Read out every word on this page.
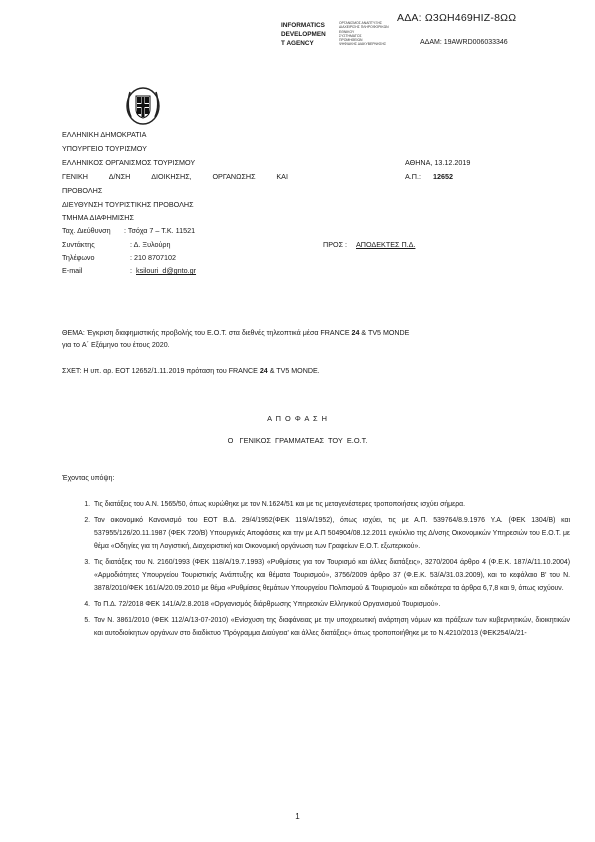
ΑΔΑ: Ω3ΩΗ469ΗΙΖ-8ΩΩ
INFORMATICS
DEVELOPMEN
T AGENCY
ΟΡΓΑΝΙΣΜΟΣ ΑΝΑΠΤΥΞΗΣ
ΔΙΑΧΕΙΡΙΣΗΣ ΠΛΗΡΟΦΟΡΙΚΩΝ
ΕΘΝΙΚΟΥ
ΣΥΣΤΗΜΑΤΟΣ
ΠΡΟΜΗΘΕΙΩΝ
ΨΗΦΙΑΚΗΣ ΔΙΑΚΥΒΕΡΝΗΣΗΣ	ΑΔΑΜ: 19AWRD006033346
ΕΛΛΗΝΙΚΗ ΔΗΜΟΚΡΑΤΙΑ
ΥΠΟΥΡΓΕΙΟ ΤΟΥΡΙΣΜΟΥ
ΕΛΛΗΝΙΚΟΣ ΟΡΓΑΝΙΣΜΟΣ ΤΟΥΡΙΣΜΟΥ
ΓΕΝΙΚΗ	Δ/ΝΣΗ	ΔΙΟΙΚΗΣΗΣ,	ΟΡΓΑΝΩΣΗΣ	ΚΑΙ
ΠΡΟΒΟΛΗΣ
ΔΙΕΥΘΥΝΣΗ ΤΟΥΡΙΣΤΙΚΗΣ ΠΡΟΒΟΛΗΣ
ΤΜΗΜΑ ΔΙΑΦΗΜΙΣΗΣ
Ταχ. Διεύθυνση : Τσόχα 7 – Τ.Κ. 11521
Συντάκτης	: Δ. Ξυλούρη
Τηλέφωνο	: 210 8707102
E-mail	: ksilouri_d@gnto.gr
ΑΘΗΝΑ, 13.12.2019
Α.Π.: 12652
ΠΡΟΣ : ΑΠΟΔΕΚΤΕΣ Π.Δ.
ΘΕΜΑ: Έγκριση διαφημιστικής προβολής του Ε.Ο.Τ. στα διεθνές τηλεοπτικά μέσα FRANCE 24 & TV5 MONDE
για τo Α΄ Εξάμηνο του έτους 2020.
ΣΧΕΤ: Η υπ. αρ. ΕΟΤ 12652/1.11.2019 πρόταση του FRANCE 24 & TV5 MONDE.
Α Π Ο Φ Α Σ Η
Ο   ΓΕΝΙΚΟΣ  ΓΡΑΜΜΑΤΕΑΣ  ΤΟΥ  Ε.Ο.Τ.
Έχοντας υπόψη:
1. Τις διατάξεις του Α.Ν. 1565/50, όπως κυρώθηκε με τον Ν.1624/51 και με τις μεταγενέστερες τροποποιήσεις ισχύει σήμερα.
2. Τον οικονομικό Κανονισμό του ΕΟΤ Β.Δ. 29/4/1952(ΦΕΚ 119/Α/1952), όπως ισχύει, τις με Α.Π. 539764/8.9.1976 Υ.Α. (ΦΕΚ 1304/Β) και 537955/126/20.11.1987 (ΦΕΚ 720/Β) Υπουργικές Αποφάσεις και την με Α.Π 504904/08.12.2011 εγκύκλιο της Δ/νσης Οικονομικών Υπηρεσιών του Ε.Ο.Τ. με θέμα «Οδηγίες για τη Λογιστική, Διαχειριστική και Οικονομική οργάνωση των Γραφείων Ε.Ο.Τ. εξωτερικού».
3. Τις διατάξεις του Ν. 2160/1993 (ΦΕΚ 118/Α/19.7.1993) «Ρυθμίσεις για τον Τουρισμό και άλλες διατάξεις», 3270/2004 άρθρο 4 (Φ.Ε.Κ. 187/Α/11.10.2004) «Αρμοδιότητες Υπουργείου Τουριστικής Ανάπτυξης και θέματα Τουρισμού», 3756/2009 άρθρο 37 (Φ.Ε.Κ. 53/Α/31.03.2009), και το κεφάλαιο Β' του Ν. 3878/2010/ΦΕΚ 161/Α/20.09.2010 με θέμα «Ρυθμίσεις θεμάτων Υπουργείου Πολιτισμού & Τουρισμού» και ειδικότερα τα άρθρα 6,7,8 και 9, όπως ισχύουν.
4. Το Π.Δ. 72/2018 ΦΕΚ 141/Α/2.8.2018 «Οργανισμός διάρθρωσης Υπηρεσιών Ελληνικού Οργανισμού Τουρισμού».
5. Τον Ν. 3861/2010 (ΦΕΚ 112/Α/13-07-2010) «Ενίσχυση της διαφάνειας με την υποχρεωτική ανάρτηση νόμων και πράξεων των κυβερνητικών, διοικητικών και αυτοδιοίκητων οργάνων στο διαδίκτυο 'Πρόγραμμα Διαύγεια' και άλλες διατάξεις» όπως τροποποιήθηκε με το Ν.4210/2013 (ΦΕΚ254/Α/21-
1
